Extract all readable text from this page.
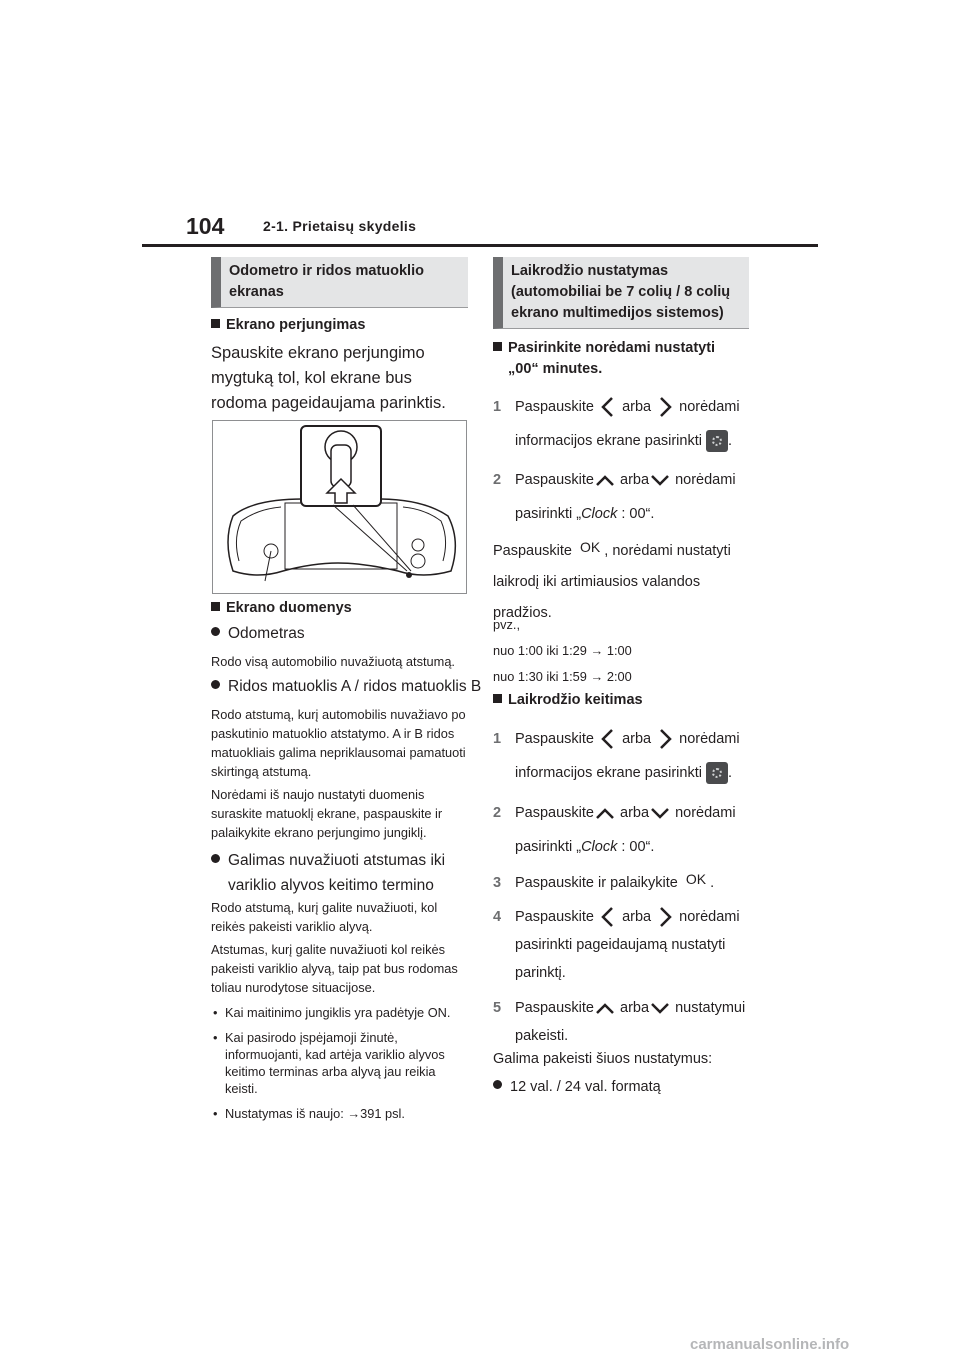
104	2-1. Prietaisų skydelis
Odometro ir ridos matuoklio ekranas
Ekrano perjungimas
Spauskite ekrano perjungimo mygtuką tol, kol ekrane bus rodoma pageidaujama parinktis.
Ekrano duomenys
Odometras
Rodo visą automobilio nuvažiuotą atstumą.
Ridos matuoklis A / ridos matuoklis B
Rodo atstumą, kurį automobilis nuvažiavo po paskutinio matuoklio atstatymo. A ir B ridos matuokliais galima nepriklausomai pamatuoti skirtingą atstumą.
Norėdami iš naujo nustatyti duomenis suraskite matuoklį ekrane, paspauskite ir palaikykite ekrano perjungimo jungiklį.
Galimas nuvažiuoti atstumas iki
variklio alyvos keitimo termino
Rodo atstumą, kurį galite nuvažiuoti, kol reikės pakeisti variklio alyvą.
Atstumas, kurį galite nuvažiuoti kol reikės pakeisti variklio alyvą, taip pat bus rodomas toliau nurodytose situacijose.
• Kai maitinimo jungiklis yra padėtyje ON.
• Kai pasirodo įspėjamoji žinutė, informuojanti, kad artėja variklio alyvos keitimo terminas arba alyvą jau reikia keisti.
• Nustatymas iš naujo: →391 psl.
Laikrodžio nustatymas (automobiliai be 7 colių / 8 colių ekrano multimedijos sistemos)
Pasirinkite norėdami nustatyti
„00“ minutes.
1 Paspauskite arba norėdami
informacijos ekrane pasirinkti .
2 Paspauskite arba norėdami
pasirinkti „Clock : 00“.
Paspauskite OK , norėdami nustatyti
laikrodį iki artimiausios valandos
pradžios.
pvz.,
nuo 1:00 iki 1:29 → 1:00
nuo 1:30 iki 1:59 → 2:00
Laikrodžio keitimas
1 Paspauskite arba norėdami
informacijos ekrane pasirinkti .
2 Paspauskite arba norėdami
pasirinkti „Clock : 00“.
3 Paspauskite ir palaikykite OK .
4 Paspauskite arba norėdami
pasirinkti pageidaujamą nustatyti
parinktį.
5 Paspauskite arba nustatymui
pakeisti.
Galima pakeisti šiuos nustatymus:
12 val. / 24 val. formatą
carmanualsonline.info
